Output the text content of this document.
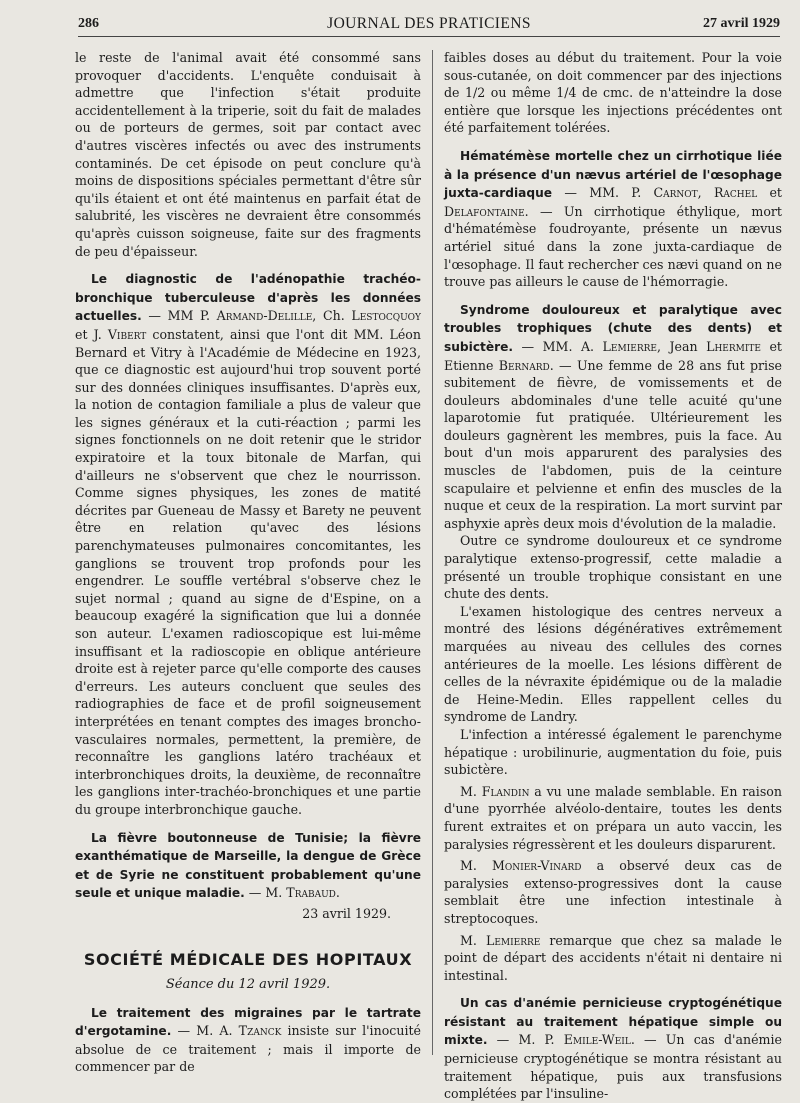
286	JOURNAL DES PRATICIENS	27 avril 1929

le reste de l'animal avait été consommé sans provoquer d'accidents. L'enquête conduisait à admettre que l'infection s'était produite accidentellement à la triperie, soit du fait de malades ou de porteurs de germes, soit par contact avec d'autres viscères infectés ou avec des instruments contaminés. De cet épisode on peut conclure qu'à moins de dispositions spéciales permettant d'être sûr qu'ils étaient et ont été maintenus en parfait état de salubrité, les viscères ne devraient être consommés qu'après cuisson soigneuse, faite sur des fragments de peu d'épaisseur.

Le diagnostic de l'adénopathie trachéo-bronchique tuberculeuse d'après les données actuelles. — MM P. Armand-Delille, Ch. Lestocquoy et J. Vibert constatent, ainsi que l'ont dit MM. Léon Bernard et Vitry à l'Académie de Médecine en 1923, que ce diagnostic est aujourd'hui trop souvent porté sur des données cliniques insuffisantes. D'après eux, la notion de contagion familiale a plus de valeur que les signes généraux et la cuti-réaction ; parmi les signes fonctionnels on ne doit retenir que le stridor expiratoire et la toux bitonale de Marfan, qui d'ailleurs ne s'observent que chez le nourrisson. Comme signes physiques, les zones de matité décrites par Gueneau de Massy et Barety ne peuvent être en relation qu'avec des lésions parenchymateuses pulmonaires concomitantes, les ganglions se trouvent trop profonds pour les engendrer. Le souffle vertébral s'observe chez le sujet normal ; quand au signe de d'Espine, on a beaucoup exagéré la signification que lui a donnée son auteur. L'examen radioscopique est lui-même insuffisant et la radioscopie en oblique antérieure droite est à rejeter parce qu'elle comporte des causes d'erreurs. Les auteurs concluent que seules des radiographies de face et de profil soigneusement interprétées en tenant comptes des images broncho-vasculaires normales, permettent, la première, de reconnaître les ganglions latéro trachéaux et interbronchiques droits, la deuxième, de reconnaître les ganglions inter-trachéo-bronchiques et une partie du groupe interbronchique gauche.

La fièvre boutonneuse de Tunisie; la fièvre exanthématique de Marseille, la dengue de Grèce et de Syrie ne constituent probablement qu'une seule et unique maladie. — M. Trabaud.

23 avril 1929.

SOCIÉTÉ MÉDICALE DES HOPITAUX
Séance du 12 avril 1929.

Le traitement des migraines par le tartrate d'ergotamine. — M. A. Tzanck insiste sur l'inocuité absolue de ce traitement ; mais il importe de commencer par de

faibles doses au début du traitement. Pour la voie sous-cutanée, on doit commencer par des injections de 1/2 ou même 1/4 de cmc. de n'atteindre la dose entière que lorsque les injections précédentes ont été parfaitement tolérées.

Hématémèse mortelle chez un cirrhotique liée à la présence d'un nævus artériel de l'œsophage juxta-cardiaque — MM. P. Carnot, Rachel et Delafontaine. — Un cirrhotique éthylique, mort d'hématémèse foudroyante, présente un nævus artériel situé dans la zone juxta-cardiaque de l'œsophage. Il faut rechercher ces nævi quand on ne trouve pas ailleurs le cause de l'hémorragie.

Syndrome douloureux et paralytique avec troubles trophiques (chute des dents) et subictère. — MM. A. Lemierre, Jean Lhermite et Etienne Bernard. — Une femme de 28 ans fut prise subitement de fièvre, de vomissements et de douleurs abdominales d'une telle acuité qu'une laparotomie fut pratiquée. Ultérieurement les douleurs gagnèrent les membres, puis la face. Au bout d'un mois apparurent des paralysies des muscles de l'abdomen, puis de la ceinture scapulaire et pelvienne et enfin des muscles de la nuque et ceux de la respiration. La mort survint par asphyxie après deux mois d'évolution de la maladie.

Outre ce syndrome douloureux et ce syndrome paralytique extenso-progressif, cette maladie a présenté un trouble trophique consistant en une chute des dents.

L'examen histologique des centres nerveux a montré des lésions dégénératives extrêmement marquées au niveau des cellules des cornes antérieures de la moelle. Les lésions diffèrent de celles de la névraxite épidémique ou de la maladie de Heine-Medin. Elles rappellent celles du syndrome de Landry.

L'infection a intéressé également le parenchyme hépatique : urobilinurie, augmentation du foie, puis subictère.

M. Flandin a vu une malade semblable. En raison d'une pyorrhée alvéolo-dentaire, toutes les dents furent extraites et on prépara un auto vaccin, les paralysies régressèrent et les douleurs disparurent.

M. Monier-Vinard a observé deux cas de paralysies extenso-progressives dont la cause semblait être une infection intestinale à streptocoques.

M. Lemierre remarque que chez sa malade le point de départ des accidents n'était ni dentaire ni intestinal.

Un cas d'anémie pernicieuse cryptogénétique résistant au traitement hépatique simple ou mixte. — M. P. Emile-Weil. — Un cas d'anémie pernicieuse cryptogénétique se montra résistant au traitement hépatique, puis aux transfusions complétées par l'insuline-
